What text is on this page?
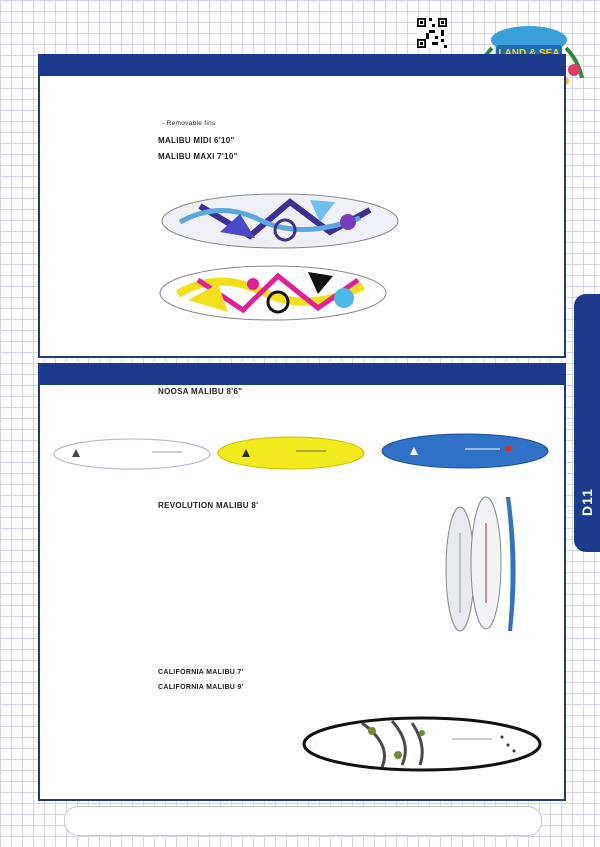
- Removable fins
MALIBU MIDI 6'10"
MALIBU MAXI 7'10"
NOOSA MALIBU 8'6"
REVOLUTION MALIBU 8'
CALIFORNIA MALIBU 7'
CALIFORNIA MALIBU 9'
D11
